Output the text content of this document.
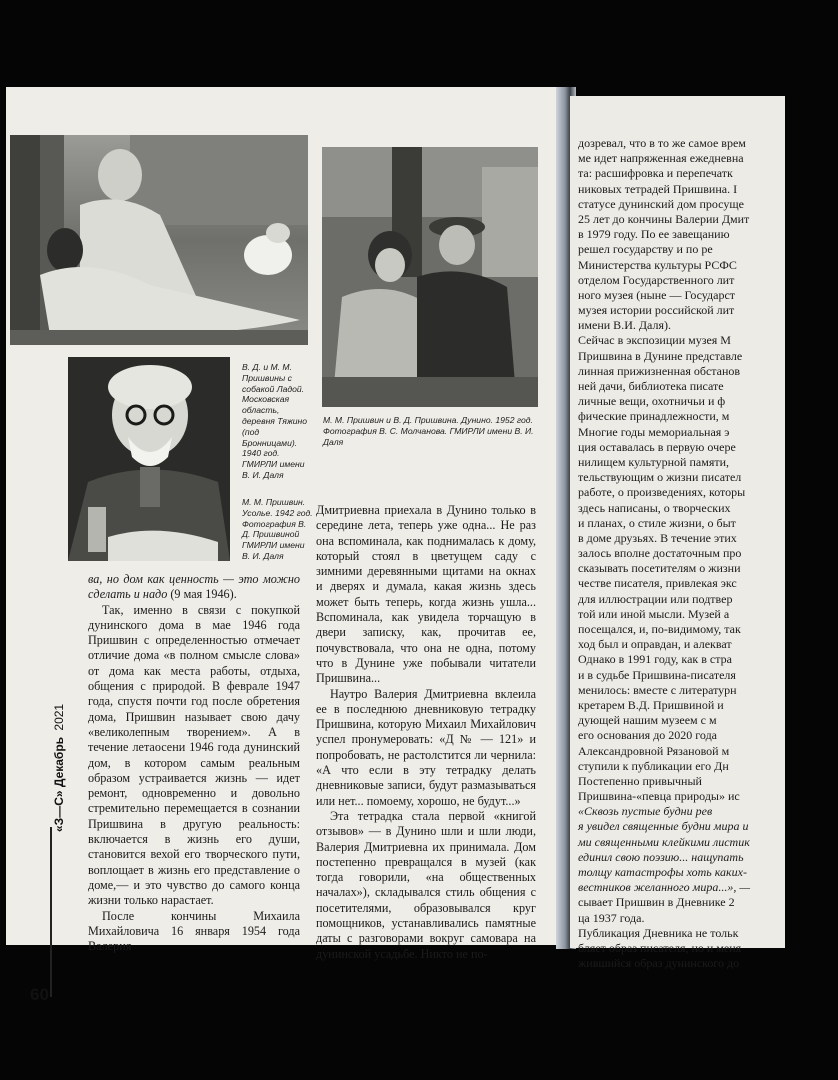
В. Д. и М. М. Пришвины с собакой Ладой. Московская область, деревня Тяжино (под Бронницами). 1940 год. ГМИРЛИ имени В. И. Даля
М. М. Пришвин. Усолье. 1942 год. Фотография В. Д. Пришвиной ГМИРЛИ имени В. И. Даля
М. М. Пришвин и В. Д. Пришвина. Дунино. 1952 год. Фотография В. С. Молчанова. ГМИРЛИ имени В. И. Даля

ва, но дом как ценность — это можно сделать и надо (9 мая 1946).

Так, именно в связи с покупкой дунинского дома в мае 1946 года Пришвин с определенностью отмечает отличие дома «в полном смысле слова» от дома как места работы, отдыха, общения с природой. В феврале 1947 года, спустя почти год после обретения дома, Пришвин называет свою дачу «великолепным творением». А в течение летаосени 1946 года дунинский дом, в котором самым реальным образом устраивается жизнь — идет ремонт, одновременно и довольно стремительно перемещается в сознании Пришвина в другую реальность: включается в жизнь его души, становится вехой его творческого пути, воплощает в жизнь его представление о доме,— и это чувство до самого конца жизни только нарастает.

После кончины Михаила Михайловича 16 января 1954 года Валерия

Дмитриевна приехала в Дунино только в середине лета, теперь уже одна... Не раз она вспоминала, как поднималась к дому, который стоял в цветущем саду с зимними деревянными щитами на окнах и дверях и думала, какая жизнь здесь может быть теперь, когда жизнь ушла... Вспоминала, как увидела торчащую в двери записку, как, прочитав ее, почувствовала, что она не одна, потому что в Дунине уже побывали читатели Пришвина...

Наутро Валерия Дмитриевна вклеила ее в последнюю дневниковую тетрадку Пришвина, которую Михаил Михайлович успел пронумеровать: «Д № — 121» и попробовать, не растолстится ли чернила: «А что если в эту тетрадку делать дневниковые записи, будут размазываться или нет... помоему, хорошо, не будут...»

Эта тетрадка стала первой «книгой отзывов» — в Дунино шли и шли люди, Валерия Дмитриевна их принимала. Дом постепенно превращался в музей (как тогда говорили, «на общественных началах»), складывался стиль общения с посетителями, образовывался круг помощников, устанавливались памятные даты с разговорами вокруг самовара на дунинской усадьбе. Никто не по-

«З—С» Декабрь 2021
60
дозревал, что в то же самое врем
ме идет напряженная ежедневна
та: расшифровка и перепечатк
никовых тетрадей Пришвина. I
статусе дунинский дом просуще
25 лет до кончины Валерии Дмит
в 1979 году. По ее завещанию
решел государству и по ре
Министерства культуры РСФС
отделом Государственного лит
ного музея (ныне — Государст
музея истории российской лит
имени В.И. Даля).
Сейчас в экспозиции музея М
Пришвина в Дунине представле
линная прижизненная обстанов
ней дачи, библиотека писате
личные вещи, охотничьи и ф
фические принадлежности, м
Многие годы мемориальная э
ция оставалась в первую очере
нилищем культурной памяти,
тельствующим о жизни писател
работе, о произведениях, которы
здесь написаны, о творческих
и планах, о стиле жизни, о быт
в доме друзьях. В течение этих
залось вполне достаточным про
сказывать посетителям о жизни
честве писателя, привлекая экс
для иллюстрации или подтвер
той или иной мысли. Музей а
посещался, и, по-видимому, так
ход был и оправдан, и алекват
Однако в 1991 году, как в стра
и в судьбе Пришвина-писателя
менилось: вместе с литературн
кретарем В.Д. Пришвиной и
дующей нашим музеем с м
его основания до 2020 года
Александровной Рязановой м
ступили к публикации его Дн
Постепенно привычный
Пришвина-«певца природы» ис
«Сквозь пустые будни рев
я увидел священные будни мира и
ми священными клейкими листик
единил свою поэзию... нащупать
толщу катастрофы хоть каких-
вестников желанного мира...», —
сывает Пришвин в Дневнике 2
ца 1937 года.
Публикация Дневника не тольк
бляет образ писателя, но и меня
жившийся образ дунинского до
